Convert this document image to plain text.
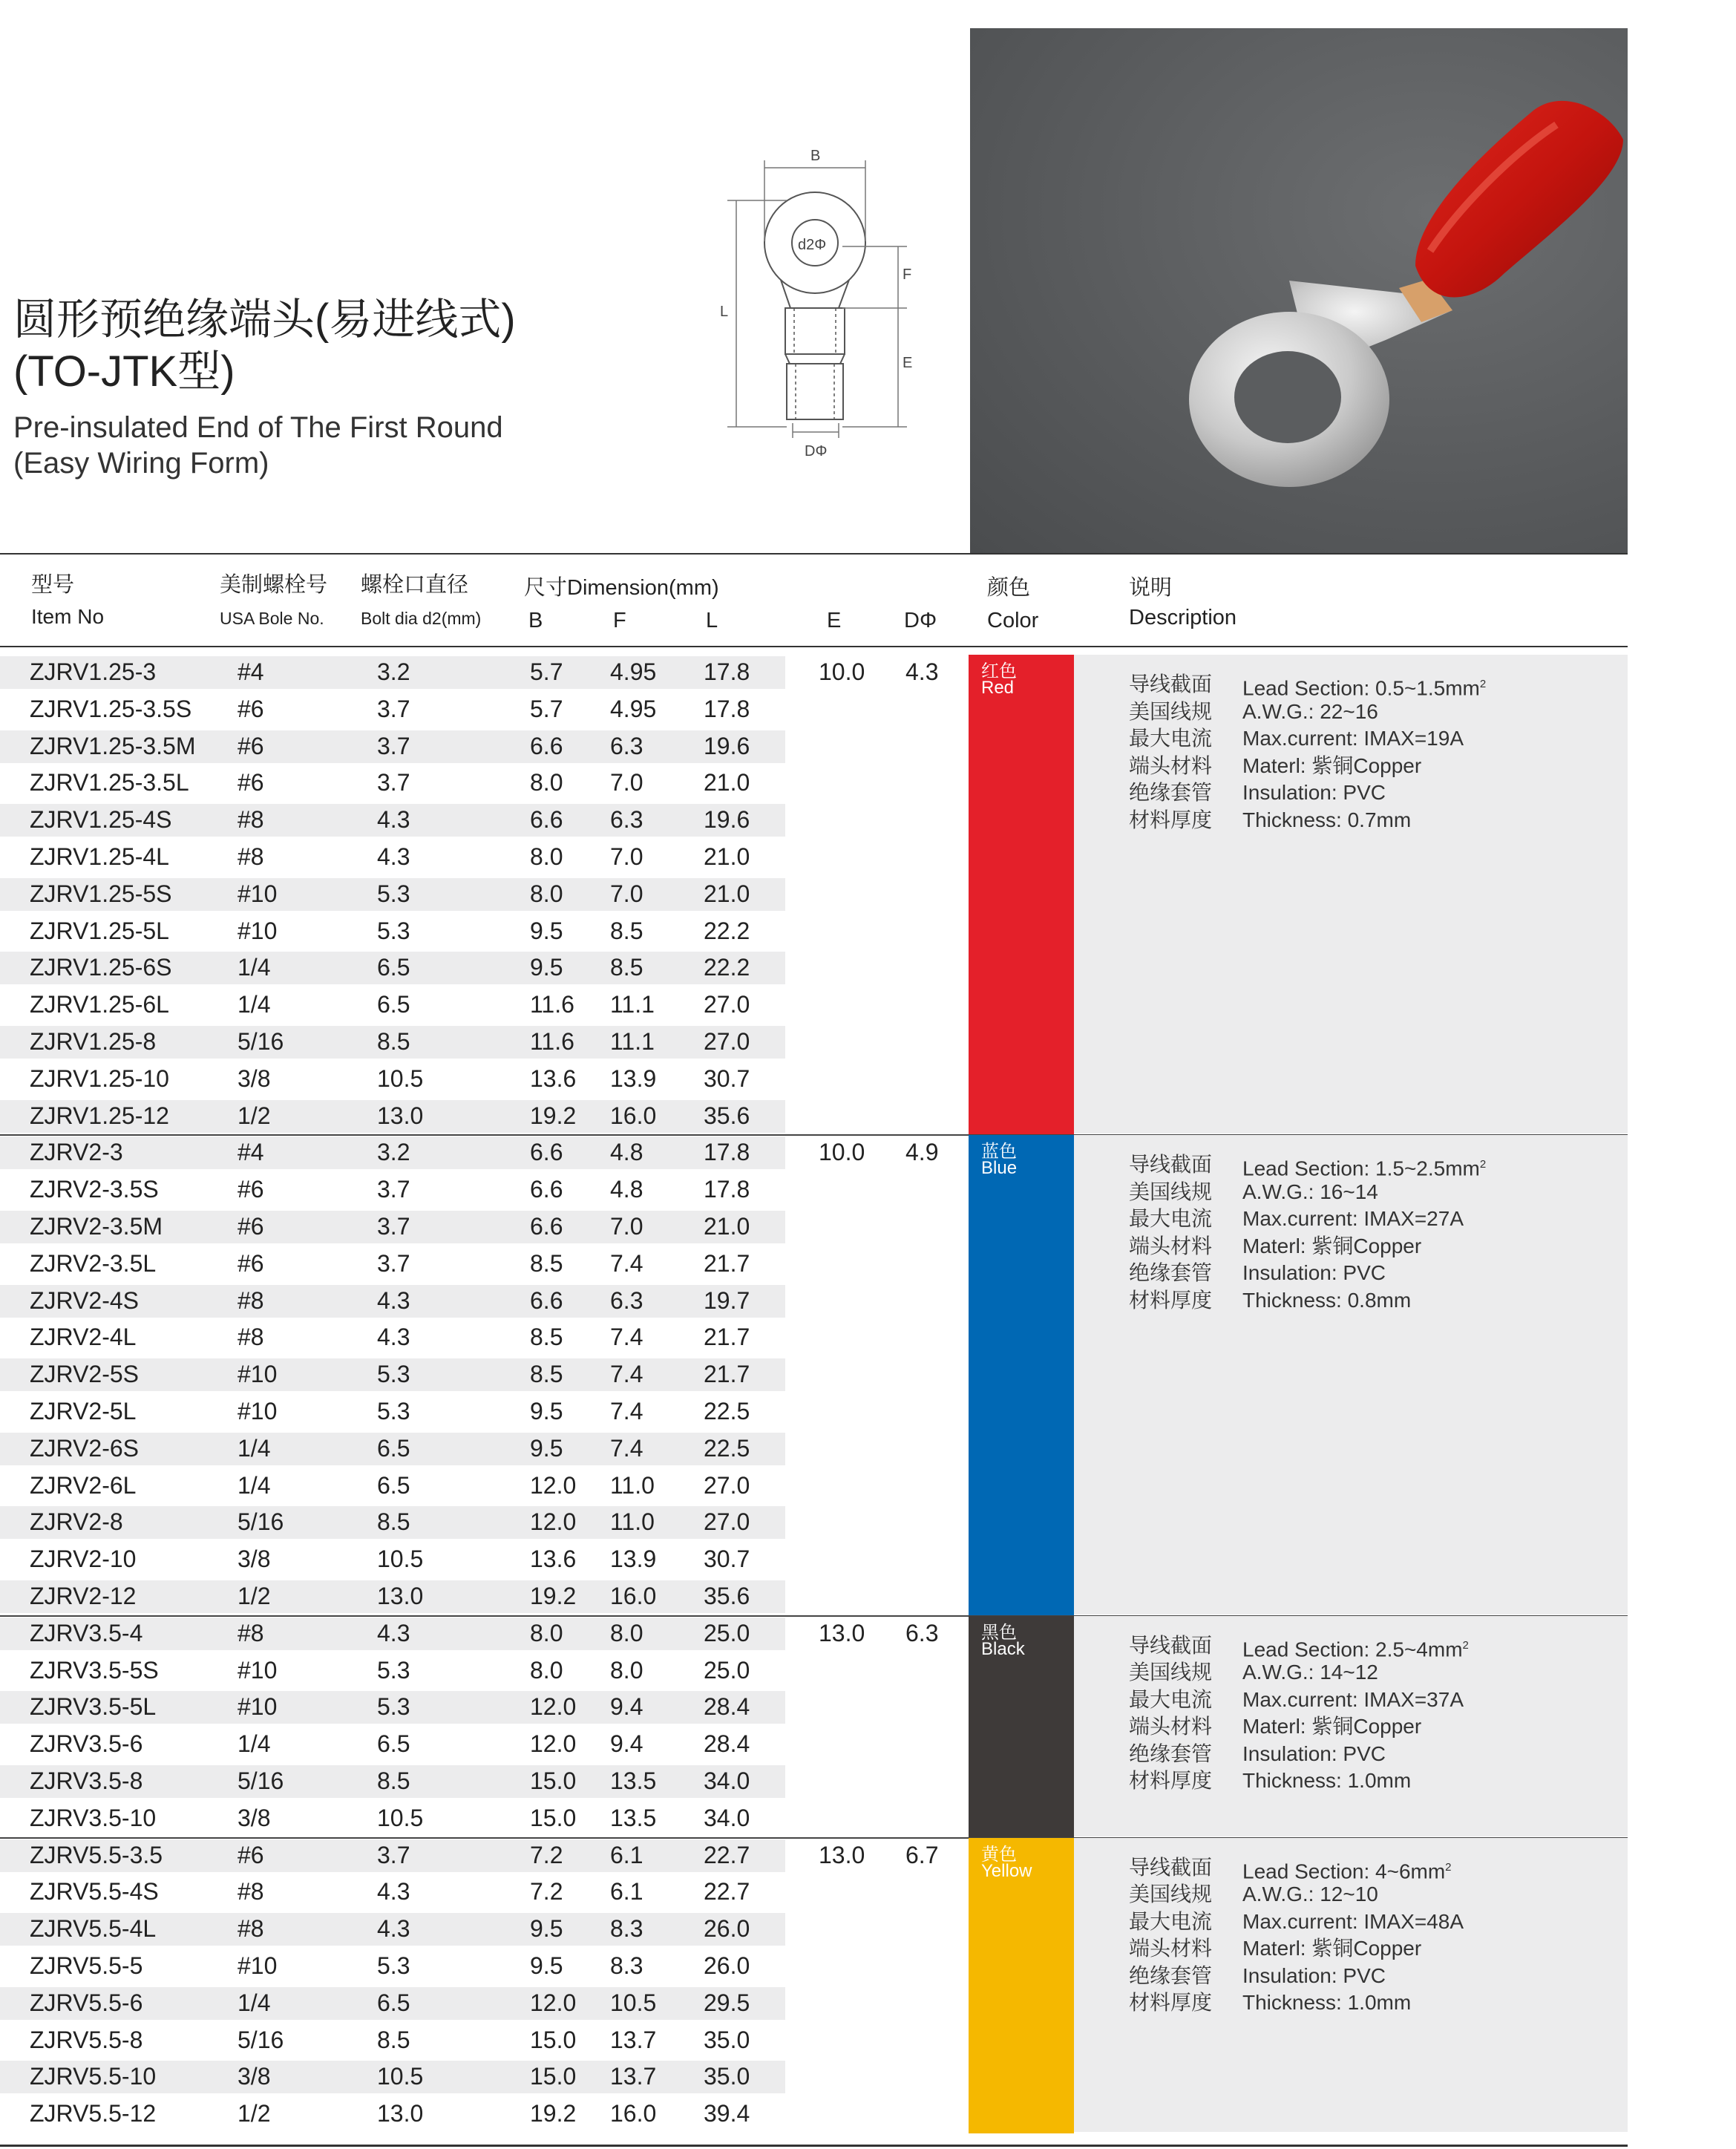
圆形预绝缘端头(易进线式)
(TO-JTK型)
Pre-insulated End of The First Round
(Easy Wiring Form)
B
d2Φ
F
L
E
DΦ
型号
Item No
美制螺栓号
USA Bole No.
螺栓口直径
Bolt dia d2(mm)
尺寸Dimension(mm)
B	F	L	E	DΦ
颜色
Color
说明
Description
红色
Red
10.0 4.3	导线截面 Lead Section: $0.5\sim 1.5mm^2$
美国线规 A.W.G.: 22~16
最大电流 Max.current: IMAX=19A
端头材料 Materl: 紫铜Copper
绝缘套管 Insulation: PVC
材料厚度 Thickness: 0.7mm
ZJRV1.25-3	#4	3.2	5.7 4.95 17.8
ZJRV1.25-3.5S #6	3.7	5.7 4.95 17.8
ZJRV1.25-3.5M #6	3.7	6.6 6.3	19.6
ZJRV1.25-3.5L #6	3.7	8.0 7.0	21.0
ZJRV1.25-4S	#8	4.3	6.6 6.3	19.6
ZJRV1.25-4L	#8	4.3	8.0 7.0	21.0
ZJRV1.25-5S	#10	5.3	8.0 7.0	21.0
ZJRV1.25-5L	#10	5.3	9.5 8.5	22.2
ZJRV1.25-6S	1/4	6.5	9.5 8.5	22.2
ZJRV1.25-6L	1/4	6.5	11.6 11.1 27.0
ZJRV1.25-8	5/16	8.5	11.6 11.1 27.0
ZJRV1.25-10	3/8	10.5	13.6 13.9 30.7
ZJRV1.25-12	1/2	13.0	19.2 16.0 35.6
蓝色
Blue
10.0 4.9	导线截面 Lead Section: $1.5\sim 2.5mm^2$
美国线规 A.W.G.: 16~14
最大电流 Max.current: IMAX=27A
端头材料 Materl: 紫铜Copper
绝缘套管 Insulation: PVC
材料厚度 Thickness: 0.8mm
ZJRV2-3	#4	3.2	6.6 4.8	17.8
ZJRV2-3.5S	#6	3.7	6.6 4.8	17.8
ZJRV2-3.5M	#6	3.7	6.6 7.0	21.0
ZJRV2-3.5L	#6	3.7	8.5 7.4	21.7
ZJRV2-4S	#8	4.3	6.6 6.3	19.7
ZJRV2-4L	#8	4.3	8.5 7.4	21.7
ZJRV2-5S	#10	5.3	8.5 7.4	21.7
ZJRV2-5L	#10	5.3	9.5 7.4	22.5
ZJRV2-6S	1/4	6.5	9.5 7.4	22.5
ZJRV2-6L	1/4	6.5	12.0 11.0 27.0
ZJRV2-8	5/16	8.5	12.0 11.0 27.0
ZJRV2-10	3/8	10.5	13.6 13.9 30.7
ZJRV2-12	1/2	13.0	19.2 16.0 35.6
黑色
Black
13.0 6.3	导线截面 Lead Section: $2.5\sim 4mm^2$
美国线规 A.W.G.: 14~12
最大电流 Max.current: IMAX=37A
端头材料 Materl: 紫铜Copper
绝缘套管 Insulation: PVC
材料厚度 Thickness: 1.0mm
ZJRV3.5-4	#8	4.3	8.0 8.0	25.0
ZJRV3.5-5S	#10	5.3	8.0 8.0	25.0
ZJRV3.5-5L	#10	5.3	12.0 9.4	28.4
ZJRV3.5-6	1/4	6.5	12.0 9.4	28.4
ZJRV3.5-8	5/16	8.5	15.0 13.5 34.0
ZJRV3.5-10	3/8	10.5	15.0 13.5 34.0
黄色
Yellow
13.0 6.7	导线截面 Lead Section: $4\sim 6mm^2$
美国线规 A.W.G.: 12~10
最大电流 Max.current: IMAX=48A
端头材料 Materl: 紫铜Copper
绝缘套管 Insulation: PVC
材料厚度 Thickness: 1.0mm
ZJRV5.5-3.5	#6	3.7	7.2 6.1	22.7
ZJRV5.5-4S	#8	4.3	7.2 6.1	22.7
ZJRV5.5-4L	#8	4.3	9.5 8.3	26.0
ZJRV5.5-5	#10	5.3	9.5 8.3	26.0
ZJRV5.5-6	1/4	6.5	12.0 10.5 29.5
ZJRV5.5-8	5/16	8.5	15.0 13.7 35.0
ZJRV5.5-10	3/8	10.5	15.0 13.7 35.0
ZJRV5.5-12	1/2	13.0	19.2 16.0 39.4
